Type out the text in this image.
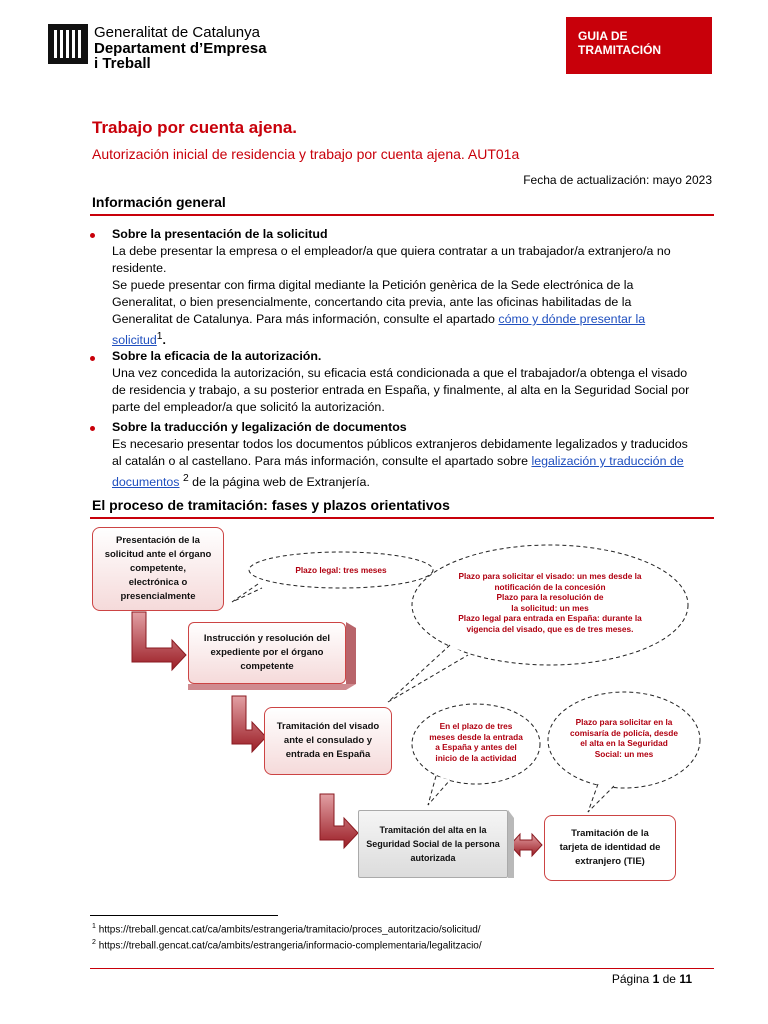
Generalitat de Catalunya
Departament d’Empresa
i Treball
GUIA DE
TRAMITACIÓN
Trabajo por cuenta ajena.
Autorización inicial de residencia y trabajo por cuenta ajena. AUT01a
Fecha de actualización: mayo 2023
Información general
Sobre la presentación de la solicitud
La debe presentar la empresa o el empleador/a que quiera contratar a un trabajador/a extranjero/a no
residente.
Se puede presentar con firma digital mediante la Petición genèrica de la Sede electrónica de la
Generalitat, o bien presencialmente, concertando cita previa, ante las oficinas habilitadas de la
Generalitat de Catalunya. Para más información, consulte el apartado cómo y dónde presentar la
solicitud$^1$.
Sobre la eficacia de la autorización.
Una vez concedida la autorización, su eficacia está condicionada a que el trabajador/a obtenga el visado
de residencia y trabajo, a su posterior entrada en España, y finalmente, al alta en la Seguridad Social por
parte del empleador/a que solicitó la autorización.
Sobre la traducción y legalización de documentos
Es necesario presentar todos los documentos públicos extranjeros debidamente legalizados y traducidos
al catalán o al castellano. Para más información, consulte el apartado sobre legalización y traducción de
documentos $^2$ de la página web de Extranjería.
El proceso de tramitación: fases y plazos orientativos
Presentación de la
solicitud ante el órgano
competente,
electrónica o
presencialmente
Instrucción y resolución del
expediente por el órgano
competente
Tramitación del visado
ante el consulado y
entrada en España
Tramitación del alta en la
Seguridad Social de la persona
autorizada
Tramitación de la
tarjeta de identidad de
extranjero (TIE)
Plazo legal: tres meses
Plazo para solicitar el visado: un mes desde la
notificación de la concesión
Plazo para la resolución de
la solicitud: un mes
Plazo legal para entrada en España: durante la
vigencia del visado, que es de tres meses.
En el plazo de tres
meses desde la entrada
a España y antes del
inicio de la actividad
Plazo para solicitar en la
comisaría de policía, desde
el alta en la Seguridad
Social: un mes
$^1$ https://treball.gencat.cat/ca/ambits/estrangeria/tramitacio/proces_autoritzacio/solicitud/
$^2$ https://treball.gencat.cat/ca/ambits/estrangeria/informacio-complementaria/legalitzacio/
Página 1 de 11
